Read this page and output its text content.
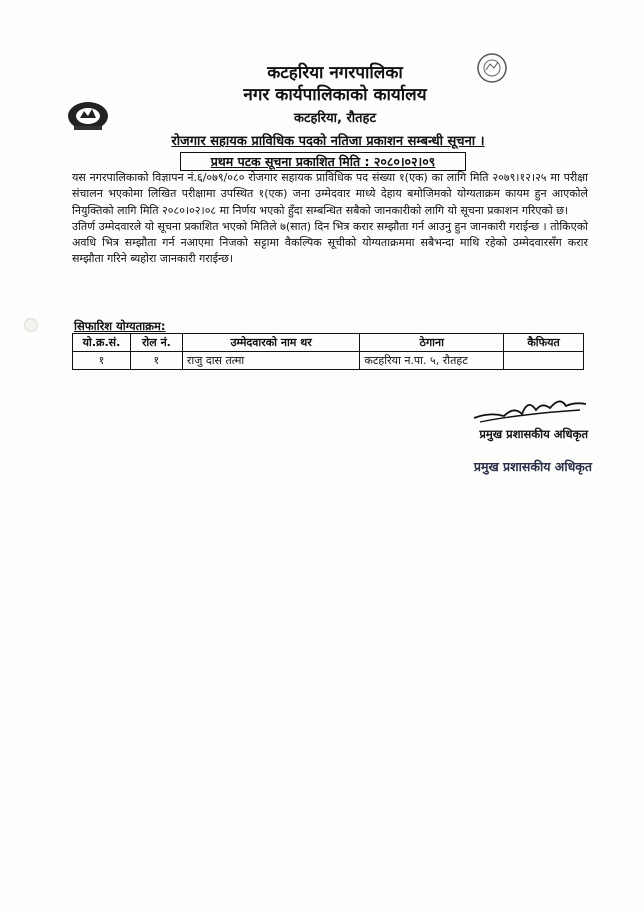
कटहरिया नगरपालिका
नगर कार्यपालिकाको कार्यालय
कटहरिया, रौतहट
रोजगार सहायक प्राविधिक पदको नतिजा प्रकाशन सम्बन्धी सूचना ।
प्रथम पटक सूचना प्रकाशित मिति : २०८०।०२।०९

यस नगरपालिकाको विज्ञापन नं.६/०७९/०८० रोजगार सहायक प्राविधिक पद संख्या १(एक) का लागि मिति २०७९।१२।२५ मा परीक्षा संचालन भएकोमा लिखित परीक्षामा उपस्थित १(एक) जना उम्मेदवार माध्ये देहाय बमोजिमको योग्यताक्रम कायम हुन आएकोले नियुक्तिको लागि मिति २०८०।०२।०८ मा निर्णय भएको हुँदा सम्बन्धित सबैको जानकारीको लागि यो सूचना प्रकाशन गरिएको छ।

उतिर्ण उम्मेदवारले यो सूचना प्रकाशित भएको मितिले ७(सात) दिन भित्र करार सम्झौता गर्न आउनु हुन जानकारी गराईन्छ । तोकिएको अवधि भित्र सम्झौता गर्न नआएमा निजको सट्टामा वैकल्पिक सूचीको योग्यताक्रममा सबैभन्दा माथि रहेको उम्मेदवारसँग करार सम्झौता गरिने ब्यहोरा जानकारी गराईन्छ।

सिफारिश योग्यताक्रम:
यो.क्र.सं.	रोल नं.	उम्मेदवारको नाम थर	ठेगाना	कैफियत
१	१	राजु दास तत्मा	कटहरिया न.पा. ५, रौतहट	
प्रमुख प्रशासकीय अधिकृत
प्रमुख प्रशासकीय अधिकृत
